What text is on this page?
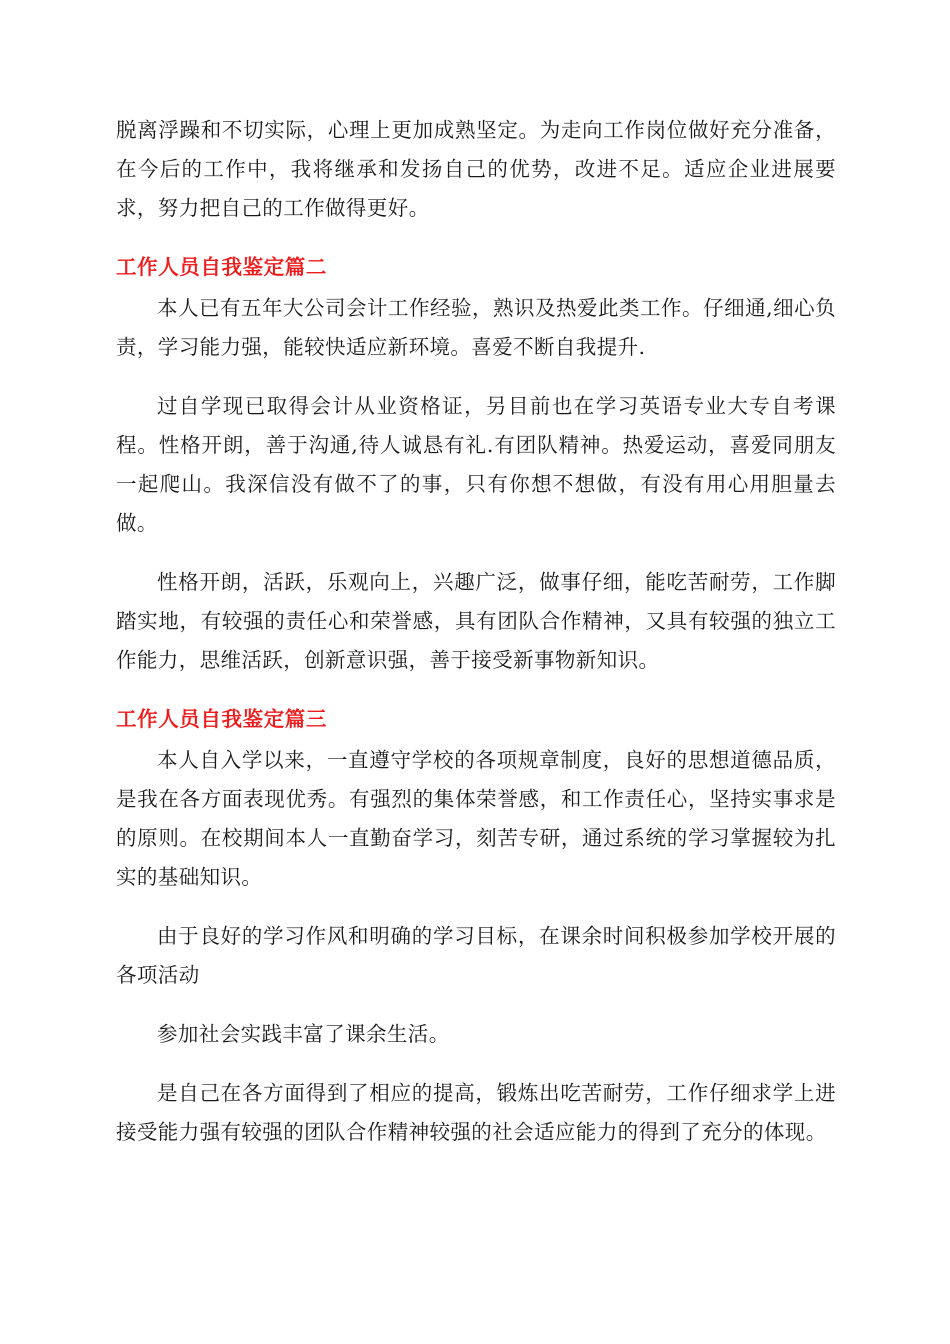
脱离浮躁和不切实际，心理上更加成熟坚定。为走向工作岗位做好充分准备，在今后的工作中，我将继承和发扬自己的优势，改进不足。适应企业进展要求，努力把自己的工作做得更好。

工作人员自我鉴定篇二

本人已有五年大公司会计工作经验，熟识及热爱此类工作。仔细通,细心负责，学习能力强，能较快适应新环境。喜爱不断自我提升.

过自学现已取得会计从业资格证，另目前也在学习英语专业大专自考课程。性格开朗，善于沟通,待人诚恳有礼.有团队精神。热爱运动，喜爱同朋友一起爬山。我深信没有做不了的事，只有你想不想做，有没有用心用胆量去做。

性格开朗，活跃，乐观向上，兴趣广泛，做事仔细，能吃苦耐劳，工作脚踏实地，有较强的责任心和荣誉感，具有团队合作精神，又具有较强的独立工作能力，思维活跃，创新意识强，善于接受新事物新知识。

工作人员自我鉴定篇三

本人自入学以来，一直遵守学校的各项规章制度，良好的思想道德品质，是我在各方面表现优秀。有强烈的集体荣誉感，和工作责任心，坚持实事求是的原则。在校期间本人一直勤奋学习，刻苦专研，通过系统的学习掌握较为扎实的基础知识。

由于良好的学习作风和明确的学习目标，在课余时间积极参加学校开展的各项活动

参加社会实践丰富了课余生活。

是自己在各方面得到了相应的提高，锻炼出吃苦耐劳，工作仔细求学上进接受能力强有较强的团队合作精神较强的社会适应能力的得到了充分的体现。
